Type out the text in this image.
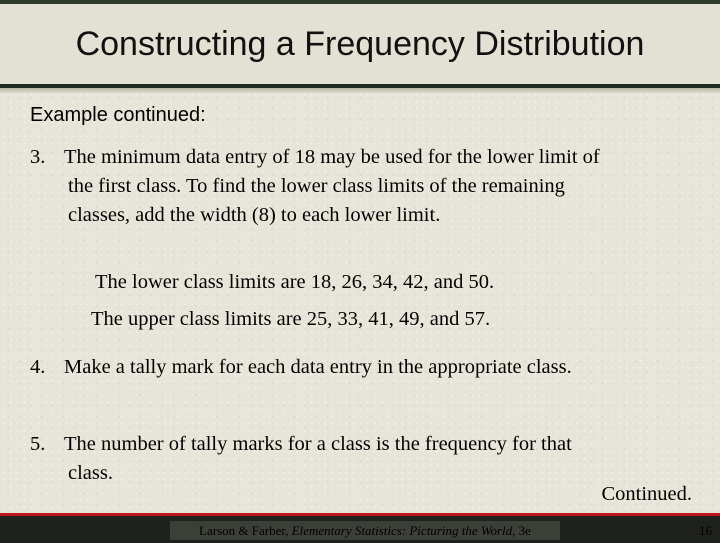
Constructing a Frequency Distribution

Example continued:

3. The minimum data entry of 18 may be used for the lower limit of
the first class. To find the lower class limits of the remaining
classes, add the width (8) to each lower limit.

The lower class limits are 18, 26, 34, 42, and 50.

The upper class limits are 25, 33, 41, 49, and 57.

4. Make a tally mark for each data entry in the appropriate class.
5. The number of tally marks for a class is the frequency for that
class.
Continued.
Larson & Farber, Elementary Statistics: Picturing the World, 3e	16
